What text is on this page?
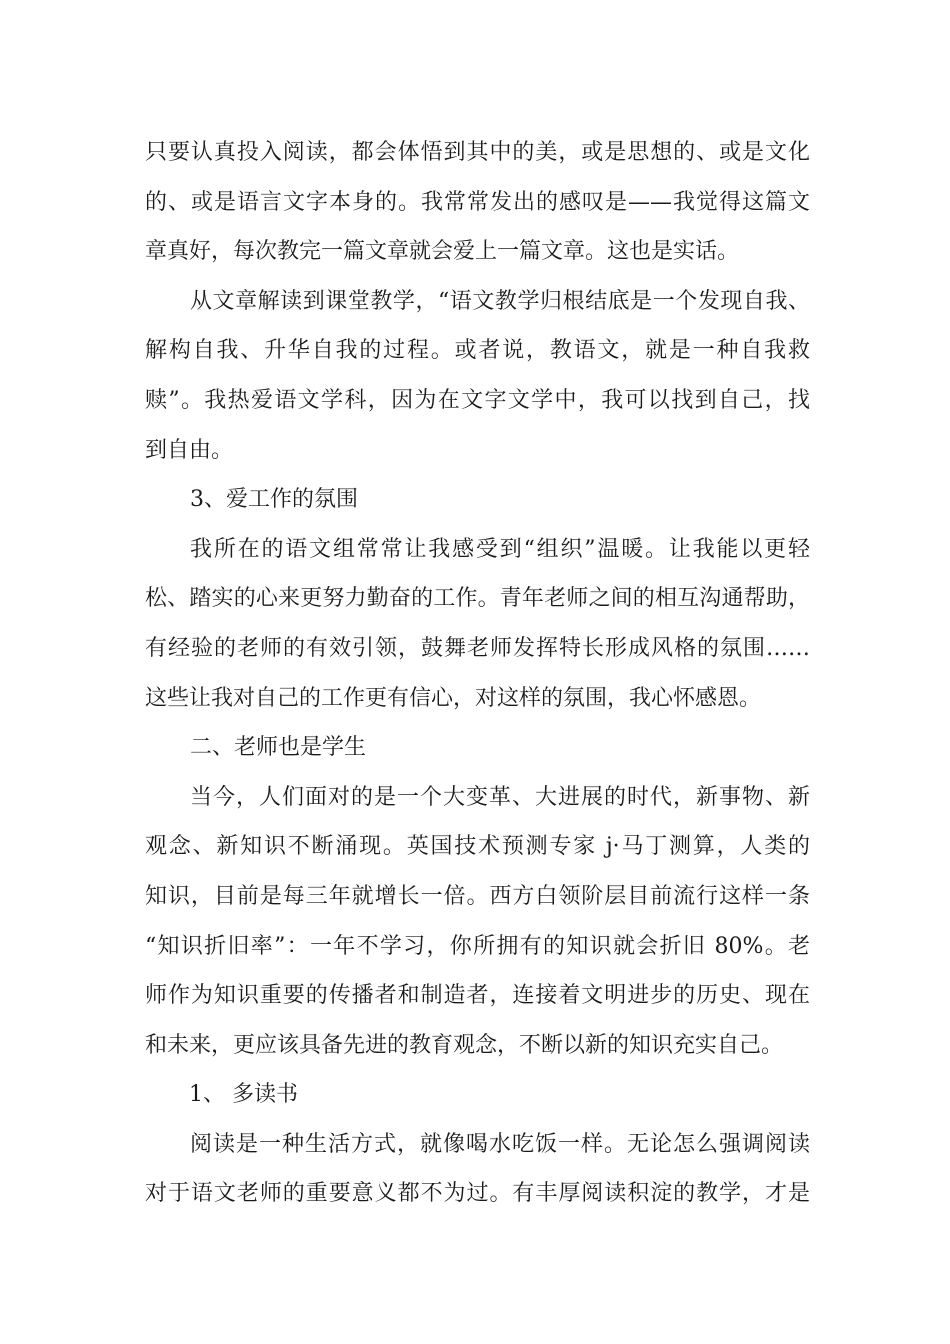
只要认真投入阅读，都会体悟到其中的美，或是思想的、或是文化
的、或是语言文字本身的。我常常发出的感叹是——我觉得这篇文
章真好，每次教完一篇文章就会爱上一篇文章。这也是实话。
从文章解读到课堂教学，“语文教学归根结底是一个发现自我、
解构自我、升华自我的过程。或者说，教语文，就是一种自我救
赎”。我热爱语文学科，因为在文字文学中，我可以找到自己，找
到自由。
3、爱工作的氛围
我所在的语文组常常让我感受到“组织”温暖。让我能以更轻
松、踏实的心来更努力勤奋的工作。青年老师之间的相互沟通帮助，
有经验的老师的有效引领，鼓舞老师发挥特长形成风格的氛围……
这些让我对自己的工作更有信心，对这样的氛围，我心怀感恩。
二、老师也是学生
当今，人们面对的是一个大变革、大进展的时代，新事物、新
观念、新知识不断涌现。英国技术预测专家 j·马丁测算，人类的
知识，目前是每三年就增长一倍。西方白领阶层目前流行这样一条
“知识折旧率”：一年不学习，你所拥有的知识就会折旧 80%。老
师作为知识重要的传播者和制造者，连接着文明进步的历史、现在
和未来，更应该具备先进的教育观念，不断以新的知识充实自己。
1、 多读书
阅读是一种生活方式，就像喝水吃饭一样。无论怎么强调阅读
对于语文老师的重要意义都不为过。有丰厚阅读积淀的教学，才是
